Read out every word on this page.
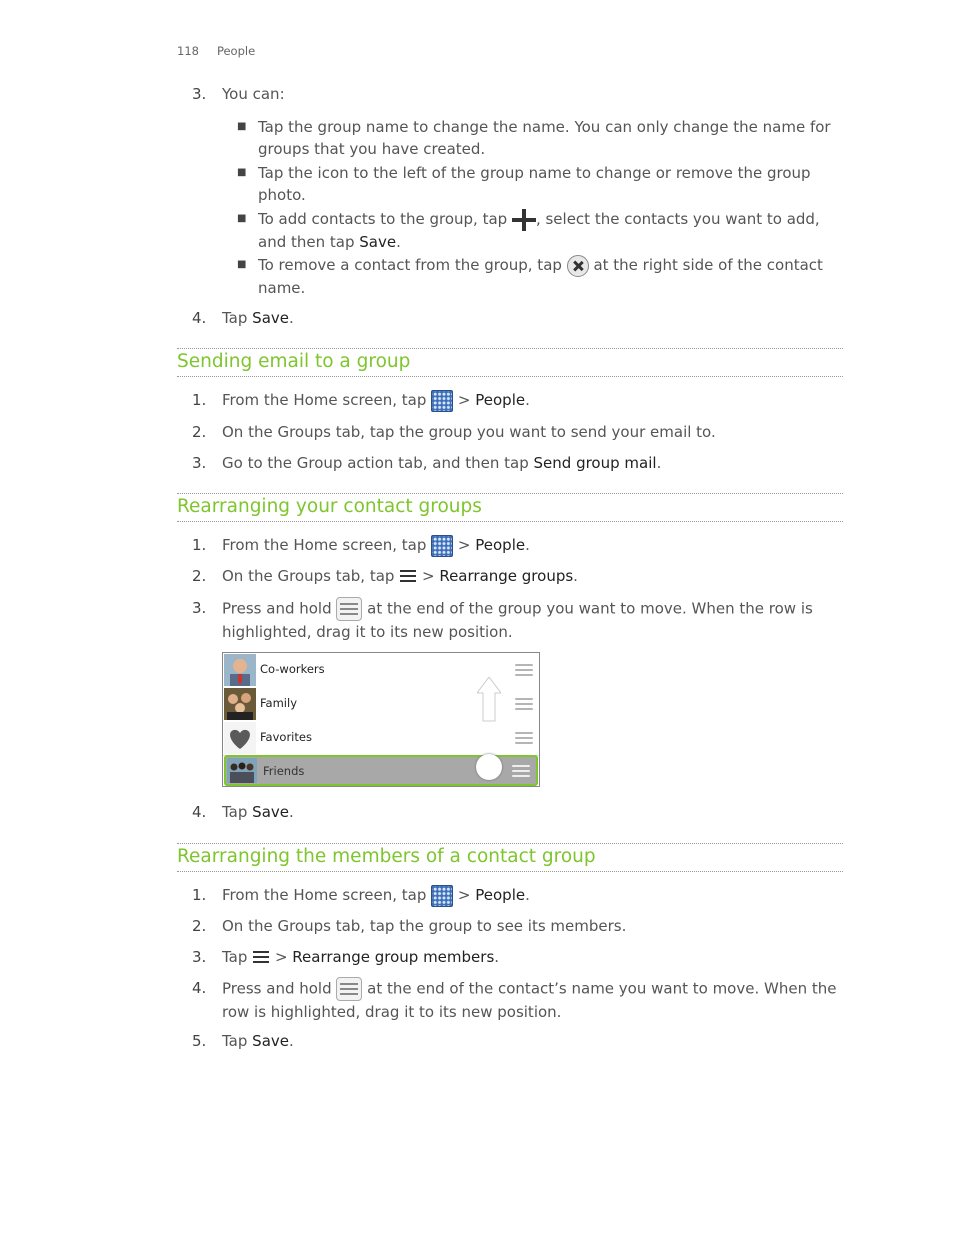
118 People
3.	You can:
■ Tap the group name to change the name. You can only change the name for groups that you have created.
■ Tap the icon to the left of the group name to change or remove the group photo.
■ To add contacts to the group, tap , select the contacts you want to add, and then tap Save.
■ To remove a contact from the group, tap  at the right side of the contact name.
4.	Tap Save.
Sending email to a group
1.	From the Home screen, tap  > People.
2.	On the Groups tab, tap the group you want to send your email to.
3.	Go to the Group action tab, and then tap Send group mail.
Rearranging your contact groups
1.	From the Home screen, tap  > People.
2.	On the Groups tab, tap
> Rearrange groups.
3.	Press and hold
at the end of the group you want to move. When the row is highlighted, drag it to its new position.
Co-workers
Family
Favorites
Friends
4.	Tap Save.
Rearranging the members of a contact group
1.	From the Home screen, tap  > People.
2.	On the Groups tab, tap the group to see its members.
3.	Tap
> Rearrange group members.
4.	Press and hold
at the end of the contact’s name you want to move. When the row is highlighted, drag it to its new position.
5.	Tap Save.
